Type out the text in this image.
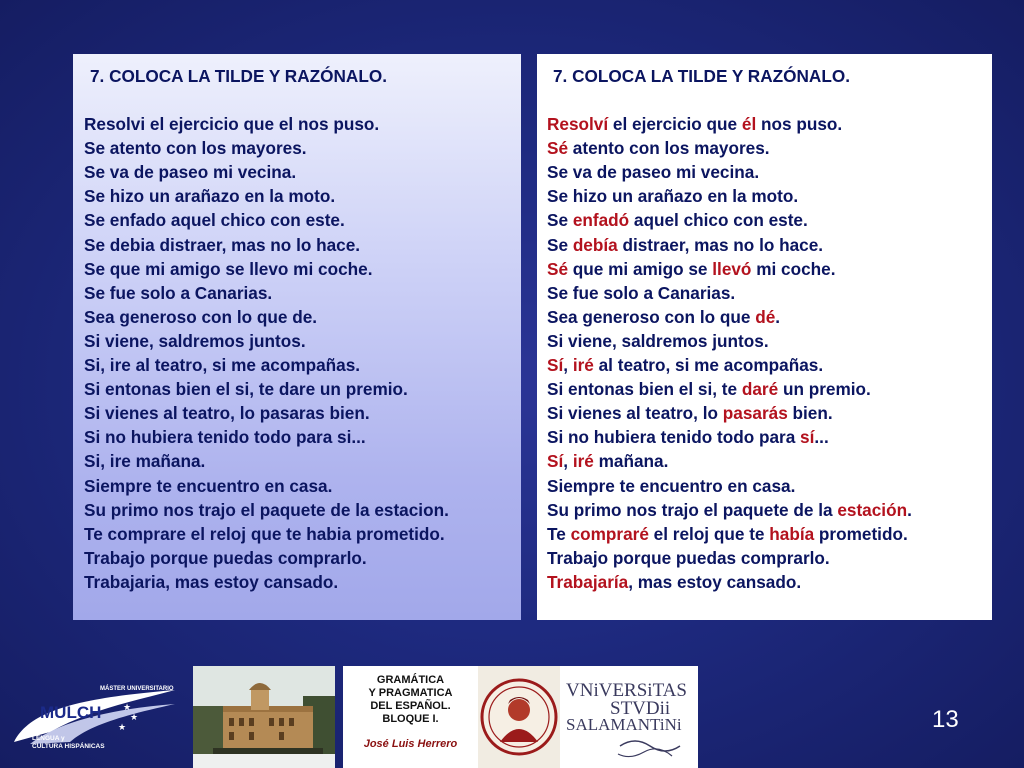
7. COLOCA LA TILDE Y RAZÓNALO.
Resolvi el ejercicio que el nos puso.
Se atento con los mayores.
Se va de paseo mi vecina.
Se hizo un arañazo en la moto.
Se enfado aquel chico con este.
Se debia distraer, mas no lo hace.
Se que mi amigo se llevo mi coche.
Se fue solo a Canarias.
Sea generoso con lo que de.
Si viene, saldremos juntos.
Si, ire al teatro, si me acompañas.
Si entonas bien el si, te dare un premio.
Si vienes al teatro, lo pasaras bien.
Si no hubiera tenido todo para si...
Si, ire mañana.
Siempre te encuentro en casa.
Su primo nos trajo el paquete de la estacion.
Te comprare el reloj que te habia prometido.
Trabajo porque puedas comprarlo.
Trabajaria, mas estoy cansado.
7. COLOCA LA TILDE Y RAZÓNALO.
Resolví el ejercicio que él nos puso.
Sé atento con los mayores.
Se va de paseo mi vecina.
Se hizo un arañazo en la moto.
Se enfadó aquel chico con este.
Se debía distraer, mas no lo hace.
Sé que mi amigo se llevó mi coche.
Se fue solo a Canarias.
Sea generoso con lo que dé.
Si viene, saldremos juntos.
Sí, iré al teatro, si me acompañas.
Si entonas bien el si, te daré un premio.
Si vienes al teatro, lo pasarás bien.
Si no hubiera tenido todo para sí...
Sí, iré mañana.
Siempre te encuentro en casa.
Su primo nos trajo el paquete de la estación.
Te compraré el reloj que te había prometido.
Trabajo porque puedas comprarlo.
Trabajaría, mas estoy cansado.
MÁSTER UNIVERSITARIO
MULCH ★
★
★
LENGUA y
CULTURA HISPÁNICAS
GRAMÁTICA
Y PRAGMATICA
DEL ESPAÑOL.
BLOQUE I.
José Luis Herrero
VNiVERSiTAS
STVDii
SALAMANTiNi	13
